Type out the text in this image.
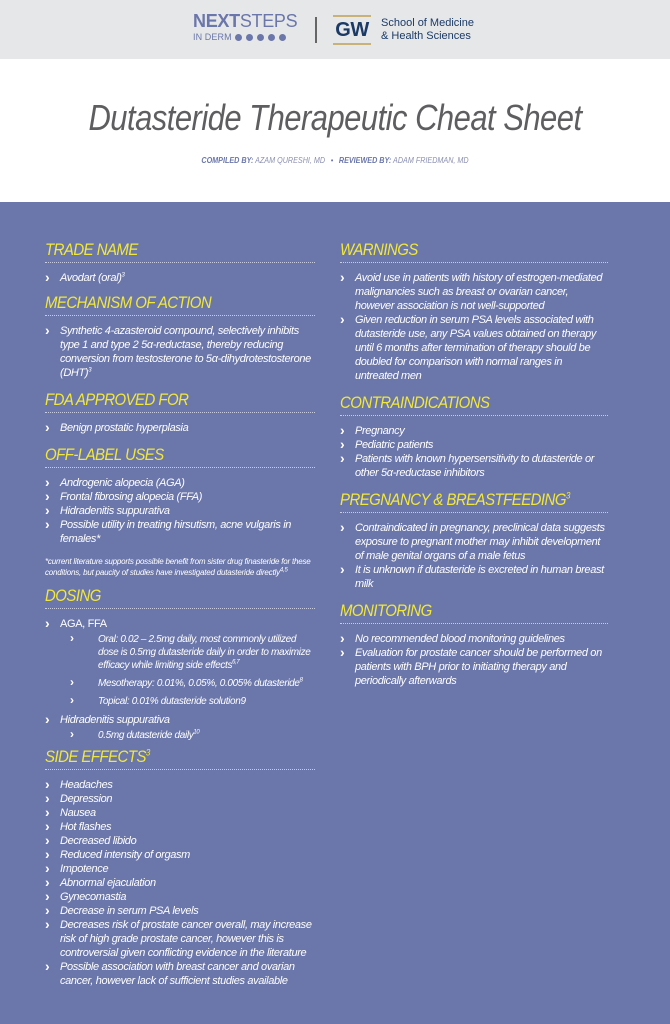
NEXTSTEPS
IN DERM	GW School of Medicine
& Health Sciences
Dutasteride Therapeutic Cheat Sheet
COMPILED BY: AZAM QURESHI, MD • REVIEWED BY: ADAM FRIEDMAN, MD
TRADE NAME
› Avodart (oral)$^3$
MECHANISM OF ACTION
› Synthetic 4-azasteroid compound, selectively inhibits type 1 and type 2 5α-reductase, thereby reducing conversion from testosterone to 5α-dihydrotestosterone (DHT)$^3$
FDA APPROVED FOR
› Benign prostatic hyperplasia
OFF-LABEL USES
› Androgenic alopecia (AGA)
› Frontal fibrosing alopecia (FFA)
› Hidradenitis suppurativa
› Possible utility in treating hirsutism, acne vulgaris in females*
*current literature supports possible benefit from sister drug finasteride for these conditions, but paucity of studies have investigated dutasteride directly$^{4,5}$
DOSING
› AGA, FFA
› Oral: 0.02 – 2.5mg daily, most commonly utilized dose is 0.5mg dutasteride daily in order to maximize efficacy while limiting side effects$^{6,7}$
› Mesotherapy: 0.01%, 0.05%, 0.005% dutasteride$^8$
› Topical: 0.01% dutasteride solution9
› Hidradenitis suppurativa
› 0.5mg dutasteride daily$^{10}$
SIDE EFFECTS$^3$
› Headaches
› Depression
› Nausea
› Hot flashes
› Decreased libido
› Reduced intensity of orgasm
› Impotence
› Abnormal ejaculation
› Gynecomastia
› Decrease in serum PSA levels
› Decreases risk of prostate cancer overall, may increase risk of high grade prostate cancer, however this is controversial given conflicting evidence in the literature
› Possible association with breast cancer and ovarian cancer, however lack of sufficient studies available
WARNINGS
› Avoid use in patients with history of estrogen-mediated malignancies such as breast or ovarian cancer, however association is not well-supported
› Given reduction in serum PSA levels associated with dutasteride use, any PSA values obtained on therapy until 6 months after termination of therapy should be doubled for comparison with normal ranges in untreated men
CONTRAINDICATIONS
› Pregnancy
› Pediatric patients
› Patients with known hypersensitivity to dutasteride or other 5α-reductase inhibitors
PREGNANCY & BREASTFEEDING$^3$
› Contraindicated in pregnancy, preclinical data suggests exposure to pregnant mother may inhibit development of male genital organs of a male fetus
› It is unknown if dutasteride is excreted in human breast milk
MONITORING
› No recommended blood monitoring guidelines
› Evaluation for prostate cancer should be performed on patients with BPH prior to initiating therapy and periodically afterwards
